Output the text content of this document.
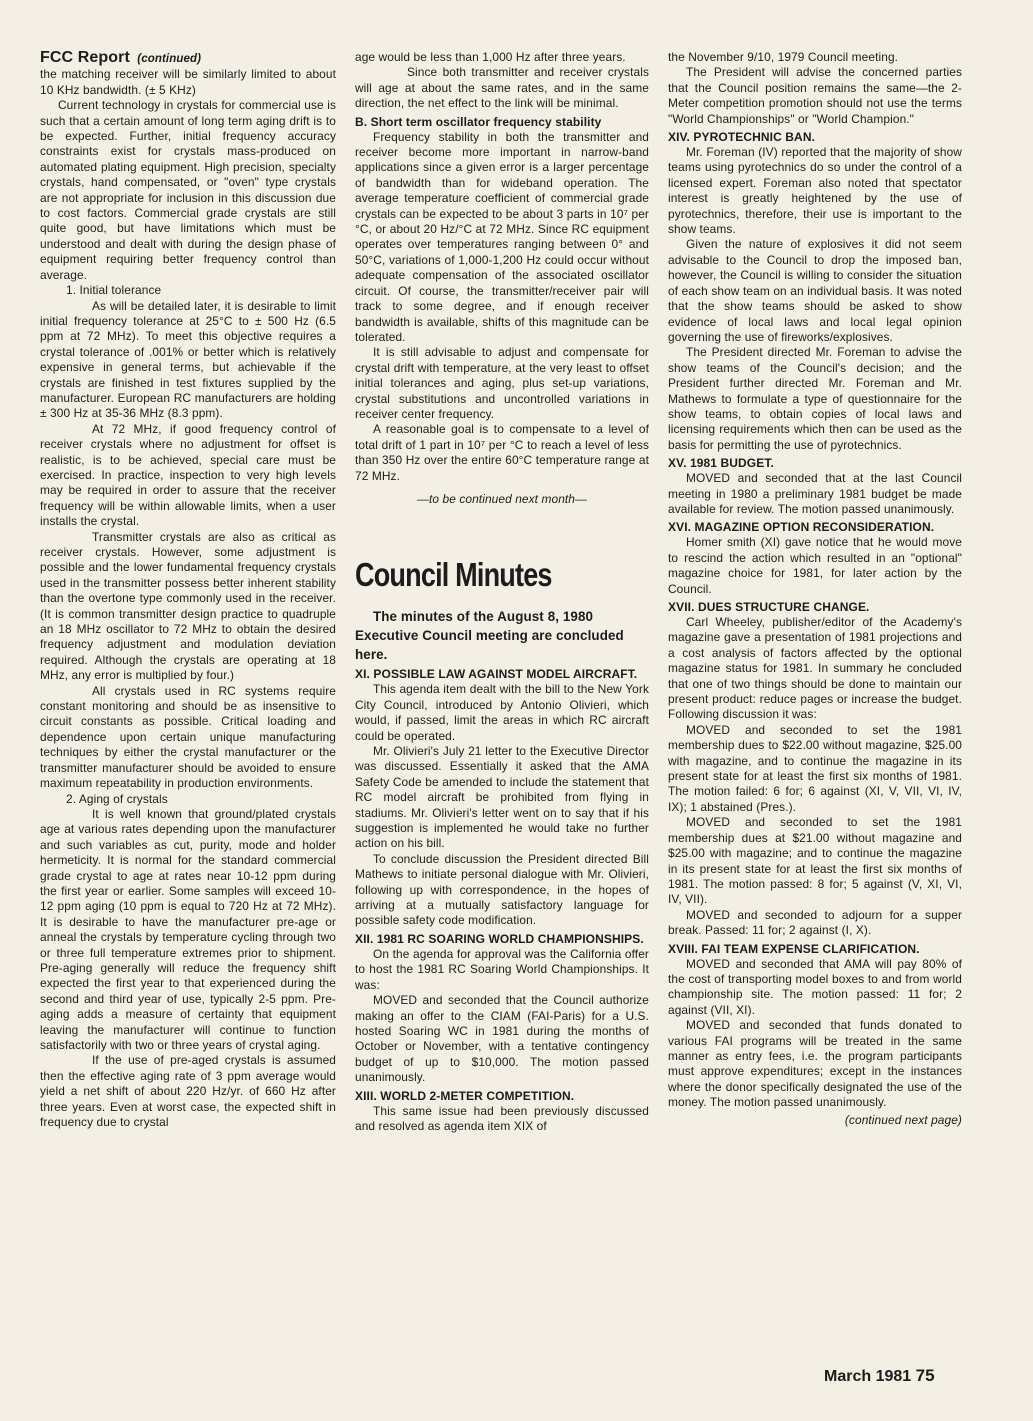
FCC Report (continued)

the matching receiver will be similarly limited to about 10 KHz bandwidth. (± 5 KHz)

Current technology in crystals for commercial use is such that a certain amount of long term aging drift is to be expected. Further, initial frequency accuracy constraints exist for crystals mass-produced on automated plating equipment. High precision, specialty crystals, hand compensated, or "oven" type crystals are not appropriate for inclusion in this discussion due to cost factors. Commercial grade crystals are still quite good, but have limitations which must be understood and dealt with during the design phase of equipment requiring better frequency control than average.

1. Initial tolerance

As will be detailed later, it is desirable to limit initial frequency tolerance at 25°C to ± 500 Hz (6.5 ppm at 72 MHz). To meet this objective requires a crystal tolerance of .001% or better which is relatively expensive in general terms, but achievable if the crystals are finished in test fixtures supplied by the manufacturer. European RC manufacturers are holding ± 300 Hz at 35-36 MHz (8.3 ppm).

At 72 MHz, if good frequency control of receiver crystals where no adjustment for offset is realistic, is to be achieved, special care must be exercised. In practice, inspection to very high levels may be required in order to assure that the receiver frequency will be within allowable limits, when a user installs the crystal.

Transmitter crystals are also as critical as receiver crystals. However, some adjustment is possible and the lower fundamental frequency crystals used in the transmitter possess better inherent stability than the overtone type commonly used in the receiver. (It is common transmitter design practice to quadruple an 18 MHz oscillator to 72 MHz to obtain the desired frequency adjustment and modulation deviation required. Although the crystals are operating at 18 MHz, any error is multiplied by four.)

All crystals used in RC systems require constant monitoring and should be as insensitive to circuit constants as possible. Critical loading and dependence upon certain unique manufacturing techniques by either the crystal manufacturer or the transmitter manufacturer should be avoided to ensure maximum repeatability in production environments.

2. Aging of crystals

It is well known that ground/plated crystals age at various rates depending upon the manufacturer and such variables as cut, purity, mode and holder hermeticity. It is normal for the standard commercial grade crystal to age at rates near 10-12 ppm during the first year or earlier. Some samples will exceed 10-12 ppm aging (10 ppm is equal to 720 Hz at 72 MHz). It is desirable to have the manufacturer pre-age or anneal the crystals by temperature cycling through two or three full temperature extremes prior to shipment. Pre-aging generally will reduce the frequency shift expected the first year to that experienced during the second and third year of use, typically 2-5 ppm. Pre-aging adds a measure of certainty that equipment leaving the manufacturer will continue to function satisfactorily with two or three years of crystal aging.

If the use of pre-aged crystals is assumed then the effective aging rate of 3 ppm average would yield a net shift of about 220 Hz/yr. of 660 Hz after three years. Even at worst case, the expected shift in frequency due to crystal

age would be less than 1,000 Hz after three years.

Since both transmitter and receiver crystals will age at about the same rates, and in the same direction, the net effect to the link will be minimal.

B. Short term oscillator frequency stability

Frequency stability in both the transmitter and receiver become more important in narrow-band applications since a given error is a larger percentage of bandwidth than for wideband operation. The average temperature coefficient of commercial grade crystals can be expected to be about 3 parts in 10⁷ per °C, or about 20 Hz/°C at 72 MHz. Since RC equipment operates over temperatures ranging between 0° and 50°C, variations of 1,000-1,200 Hz could occur without adequate compensation of the associated oscillator circuit. Of course, the transmitter/receiver pair will track to some degree, and if enough receiver bandwidth is available, shifts of this magnitude can be tolerated.

It is still advisable to adjust and compensate for crystal drift with temperature, at the very least to offset initial tolerances and aging, plus set-up variations, crystal substitutions and uncontrolled variations in receiver center frequency.

A reasonable goal is to compensate to a level of total drift of 1 part in 10⁷ per °C to reach a level of less than 350 Hz over the entire 60°C temperature range at 72 MHz.

—to be continued next month—

Council Minutes

The minutes of the August 8, 1980 Executive Council meeting are concluded here.

XI. POSSIBLE LAW AGAINST MODEL AIRCRAFT.

This agenda item dealt with the bill to the New York City Council, introduced by Antonio Olivieri, which would, if passed, limit the areas in which RC aircraft could be operated.

Mr. Olivieri's July 21 letter to the Executive Director was discussed. Essentially it asked that the AMA Safety Code be amended to include the statement that RC model aircraft be prohibited from flying in stadiums. Mr. Olivieri's letter went on to say that if his suggestion is implemented he would take no further action on his bill.

To conclude discussion the President directed Bill Mathews to initiate personal dialogue with Mr. Olivieri, following up with correspondence, in the hopes of arriving at a mutually satisfactory language for possible safety code modification.

XII. 1981 RC SOARING WORLD CHAMPIONSHIPS.

On the agenda for approval was the California offer to host the 1981 RC Soaring World Championships. It was:

MOVED and seconded that the Council authorize making an offer to the CIAM (FAI-Paris) for a U.S. hosted Soaring WC in 1981 during the months of October or November, with a tentative contingency budget of up to $10,000. The motion passed unanimously.

XIII. WORLD 2-METER COMPETITION.

This same issue had been previously discussed and resolved as agenda item XIX of

the November 9/10, 1979 Council meeting.

The President will advise the concerned parties that the Council position remains the same—the 2-Meter competition promotion should not use the terms "World Championships" or "World Champion."

XIV. PYROTECHNIC BAN.

Mr. Foreman (IV) reported that the majority of show teams using pyrotechnics do so under the control of a licensed expert. Foreman also noted that spectator interest is greatly heightened by the use of pyrotechnics, therefore, their use is important to the show teams.

Given the nature of explosives it did not seem advisable to the Council to drop the imposed ban, however, the Council is willing to consider the situation of each show team on an individual basis. It was noted that the show teams should be asked to show evidence of local laws and local legal opinion governing the use of fireworks/explosives.

The President directed Mr. Foreman to advise the show teams of the Council's decision; and the President further directed Mr. Foreman and Mr. Mathews to formulate a type of questionnaire for the show teams, to obtain copies of local laws and licensing requirements which then can be used as the basis for permitting the use of pyrotechnics.

XV. 1981 BUDGET.

MOVED and seconded that at the last Council meeting in 1980 a preliminary 1981 budget be made available for review. The motion passed unanimously.

XVI. MAGAZINE OPTION RECONSIDERATION.

Homer smith (XI) gave notice that he would move to rescind the action which resulted in an "optional" magazine choice for 1981, for later action by the Council.

XVII. DUES STRUCTURE CHANGE.

Carl Wheeley, publisher/editor of the Academy's magazine gave a presentation of 1981 projections and a cost analysis of factors affected by the optional magazine status for 1981. In summary he concluded that one of two things should be done to maintain our present product: reduce pages or increase the budget. Following discussion it was:

MOVED and seconded to set the 1981 membership dues to $22.00 without magazine, $25.00 with magazine, and to continue the magazine in its present state for at least the first six months of 1981. The motion failed: 6 for; 6 against (XI, V, VII, VI, IV, IX); 1 abstained (Pres.).

MOVED and seconded to set the 1981 membership dues at $21.00 without magazine and $25.00 with magazine; and to continue the magazine in its present state for at least the first six months of 1981. The motion passed: 8 for; 5 against (V, XI, VI, IV, VII).

MOVED and seconded to adjourn for a supper break. Passed: 11 for; 2 against (I, X).

XVIII. FAI TEAM EXPENSE CLARIFICATION.

MOVED and seconded that AMA will pay 80% of the cost of transporting model boxes to and from world championship site. The motion passed: 11 for; 2 against (VII, XI).

MOVED and seconded that funds donated to various FAI programs will be treated in the same manner as entry fees, i.e. the program participants must approve expenditures; except in the instances where the donor specifically designated the use of the money. The motion passed unanimously.

(continued next page)

March 1981 75
